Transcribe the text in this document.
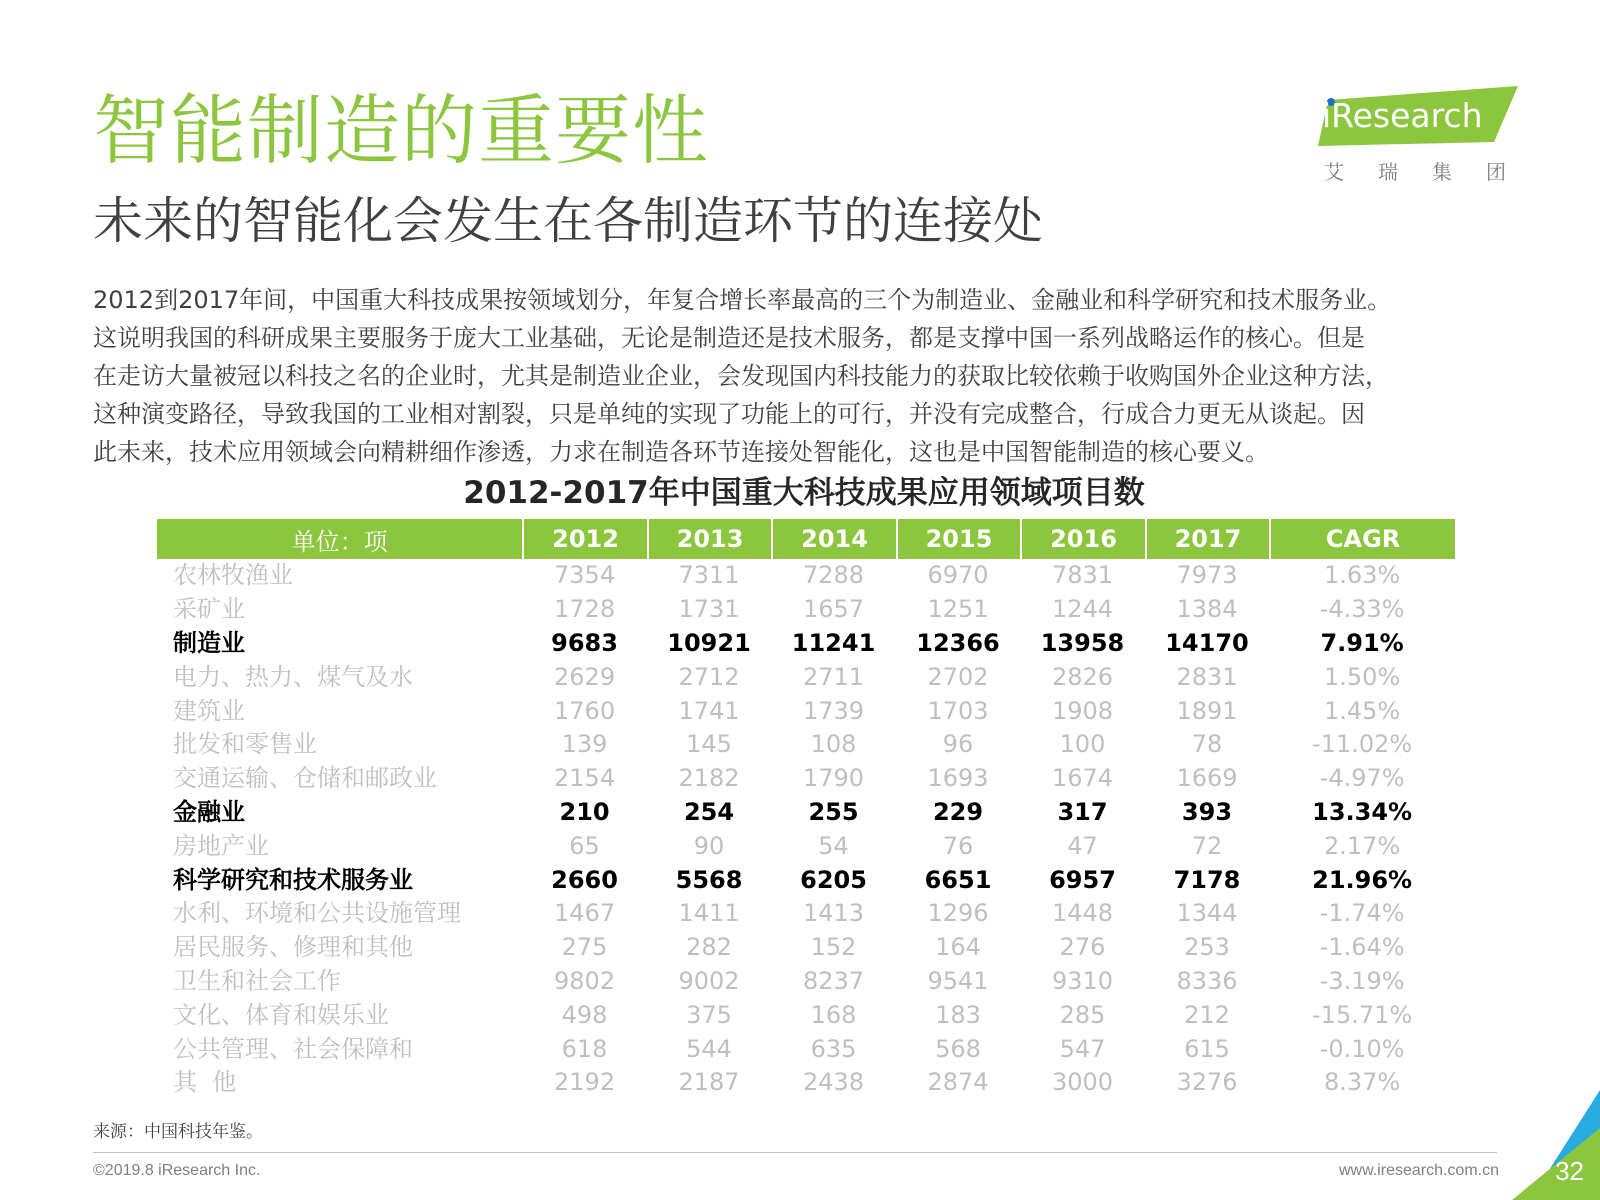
智能制造的重要性
未来的智能化会发生在各制造环节的连接处
iResearch
艾瑞集团

2012到2017年间，中国重大科技成果按领域划分，年复合增长率最高的三个为制造业、金融业和科学研究和技术服务业。

这说明我国的科研成果主要服务于庞大工业基础，无论是制造还是技术服务，都是支撑中国一系列战略运作的核心。但是

在走访大量被冠以科技之名的企业时，尤其是制造业企业，会发现国内科技能力的获取比较依赖于收购国外企业这种方法，

这种演变路径，导致我国的工业相对割裂，只是单纯的实现了功能上的可行，并没有完成整合，行成合力更无从谈起。因

此未来，技术应用领域会向精耕细作渗透，力求在制造各环节连接处智能化，这也是中国智能制造的核心要义。

2012-2017年中国重大科技成果应用领域项目数
单位：项	2012	2013	2014	2015	2016	2017	CAGR
农林牧渔业	7354	7311	7288	6970	7831	7973	1.63%
采矿业	1728	1731	1657	1251	1244	1384	-4.33%
制造业	9683	10921	11241	12366	13958	14170	7.91%
电力、热力、煤气及水	2629	2712	2711	2702	2826	2831	1.50%
建筑业	1760	1741	1739	1703	1908	1891	1.45%
批发和零售业	139	145	108	96	100	78	-11.02%
交通运输、仓储和邮政业	2154	2182	1790	1693	1674	1669	-4.97%
金融业	210	254	255	229	317	393	13.34%
房地产业	65	90	54	76	47	72	2.17%
科学研究和技术服务业	2660	5568	6205	6651	6957	7178	21.96%
水利、环境和公共设施管理	1467	1411	1413	1296	1448	1344	-1.74%
居民服务、修理和其他	275	282	152	164	276	253	-1.64%
卫生和社会工作	9802	9002	8237	9541	9310	8336	-3.19%
文化、体育和娱乐业	498	375	168	183	285	212	-15.71%
公共管理、社会保障和	618	544	635	568	547	615	-0.10%
其  他	2192	2187	2438	2874	3000	3276	8.37%
来源：中国科技年鉴。
©2019.8 iResearch Inc.	www.iresearch.com.cn 32
